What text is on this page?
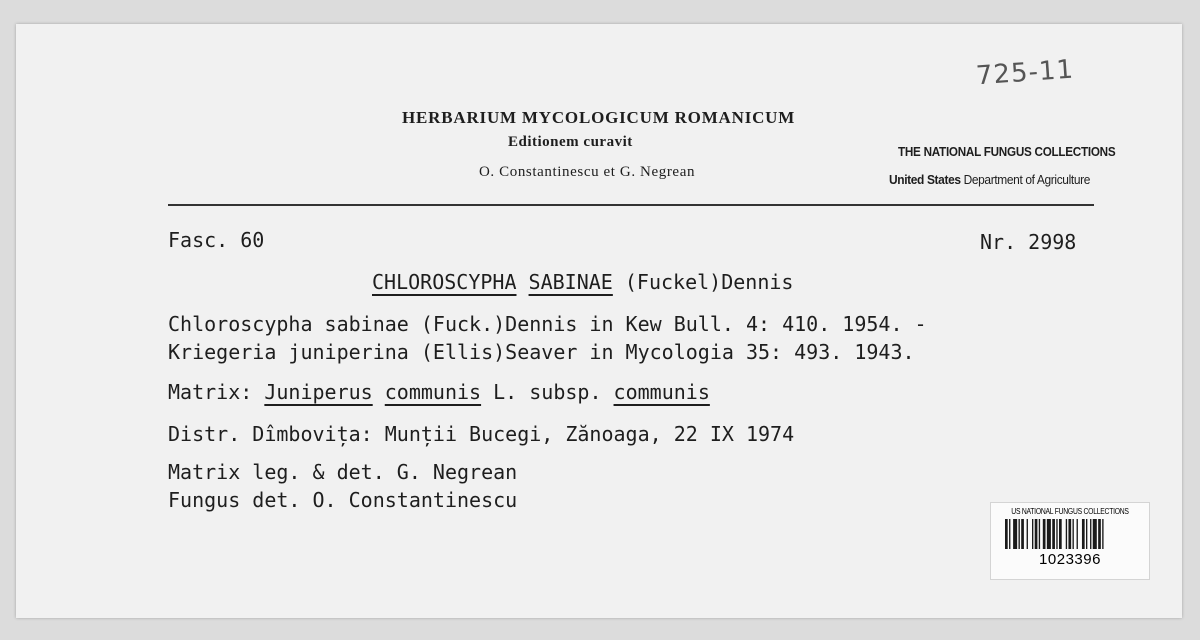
725-11
HERBARIUM MYCOLOGICUM ROMANICUM
Editionem curavit
O. Constantinescu et G. Negrean
THE NATIONAL FUNGUS COLLECTIONS
United States Department of Agriculture
Fasc. 60	Nr. 2998
CHLOROSCYPHA SABINAE (Fuckel)Dennis
Chloroscypha sabinae (Fuck.)Dennis in Kew Bull. 4: 410. 1954. -
Kriegeria juniperina (Ellis)Seaver in Mycologia 35: 493. 1943.
Matrix: Juniperus communis L. subsp. communis
Distr. Dîmbovița: Munții Bucegi, Zănoaga, 22 IX 1974
Matrix leg. & det. G. Negrean
Fungus det. O. Constantinescu	US NATIONAL FUNGUS COLLECTIONS
1023396
